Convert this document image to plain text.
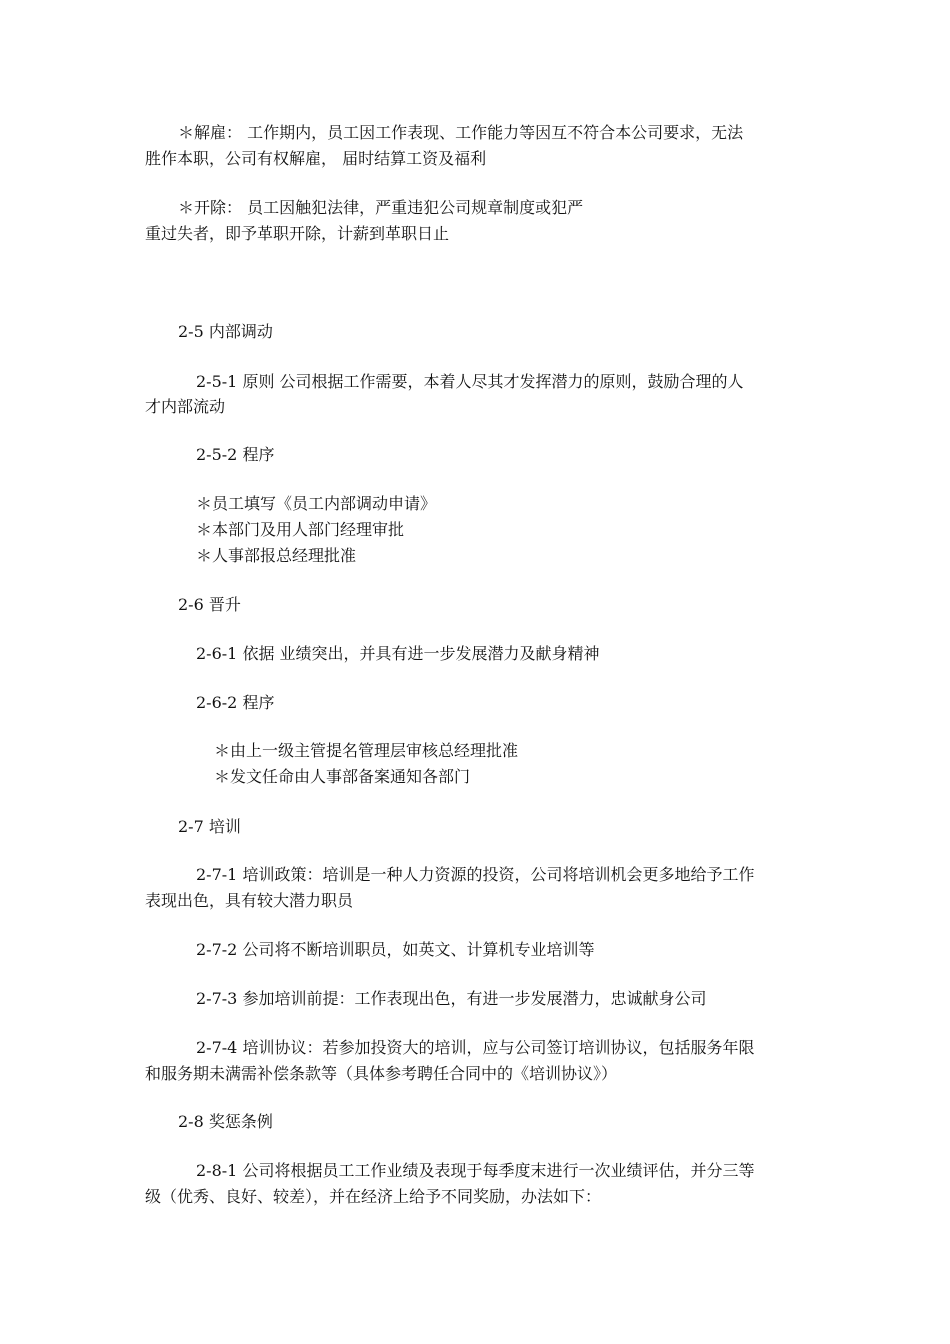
＊解雇： 工作期内，员工因工作表现、工作能力等因互不符合本公司要求，无法

胜作本职，公司有权解雇， 届时结算工资及福利

＊开除： 员工因触犯法律，严重违犯公司规章制度或犯严

重过失者，即予革职开除，计薪到革职日止

2-5 内部调动

2-5-1 原则 公司根据工作需要，本着人尽其才发挥潜力的原则，鼓励合理的人

才内部流动

2-5-2 程序

＊员工填写《员工内部调动申请》

＊本部门及用人部门经理审批

＊人事部报总经理批准

2-6 晋升

2-6-1 依据 业绩突出，并具有进一步发展潜力及献身精神

2-6-2 程序

＊由上一级主管提名管理层审核总经理批准

＊发文任命由人事部备案通知各部门

2-7 培训

2-7-1 培训政策：培训是一种人力资源的投资，公司将培训机会更多地给予工作

表现出色，具有较大潜力职员

2-7-2 公司将不断培训职员，如英文、计算机专业培训等

2-7-3 参加培训前提：工作表现出色，有进一步发展潜力，忠诚献身公司

2-7-4 培训协议：若参加投资大的培训，应与公司签订培训协议，包括服务年限

和服务期未满需补偿条款等（具体参考聘任合同中的《培训协议》）

2-8 奖惩条例

2-8-1 公司将根据员工工作业绩及表现于每季度末进行一次业绩评估，并分三等

级（优秀、良好、较差），并在经济上给予不同奖励，办法如下：
